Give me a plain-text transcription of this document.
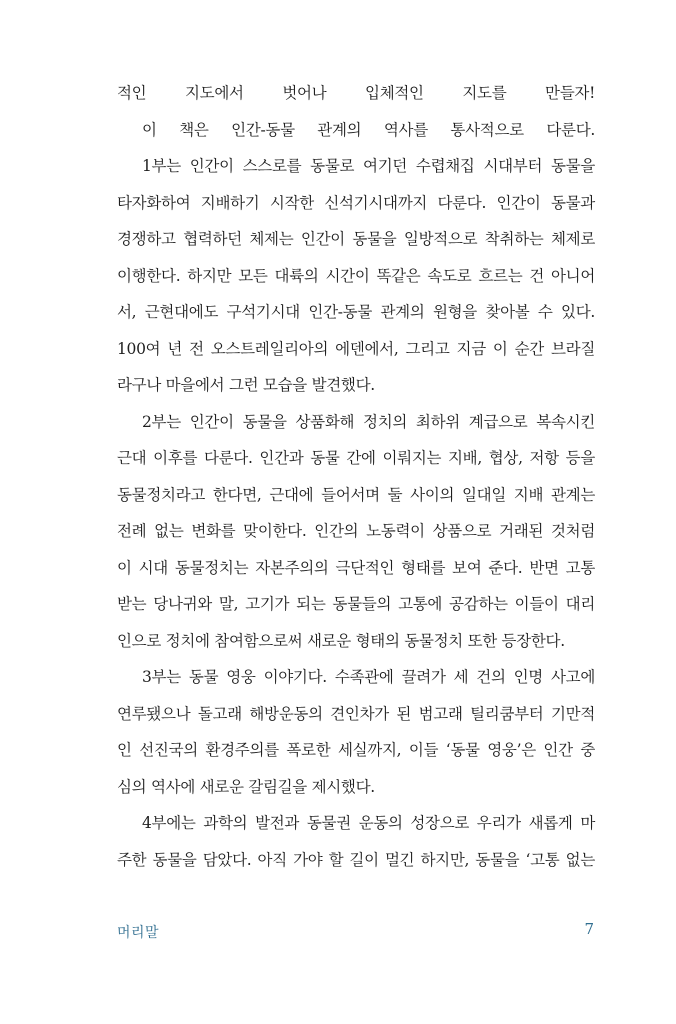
적인 지도에서 벗어나 입체적인 지도를 만들자!
이 책은 인간-동물 관계의 역사를 통사적으로 다룬다.
1부는 인간이 스스로를 동물로 여기던 수렵채집 시대부터 동물을
타자화하여 지배하기 시작한 신석기시대까지 다룬다. 인간이 동물과
경쟁하고 협력하던 체제는 인간이 동물을 일방적으로 착취하는 체제로
이행한다. 하지만 모든 대륙의 시간이 똑같은 속도로 흐르는 건 아니어
서, 근현대에도 구석기시대 인간-동물 관계의 원형을 찾아볼 수 있다.
100여 년 전 오스트레일리아의 에덴에서, 그리고 지금 이 순간 브라질
라구나 마을에서 그런 모습을 발견했다.
2부는 인간이 동물을 상품화해 정치의 최하위 계급으로 복속시킨
근대 이후를 다룬다. 인간과 동물 간에 이뤄지는 지배, 협상, 저항 등을
동물정치라고 한다면, 근대에 들어서며 둘 사이의 일대일 지배 관계는
전례 없는 변화를 맞이한다. 인간의 노동력이 상품으로 거래된 것처럼
이 시대 동물정치는 자본주의의 극단적인 형태를 보여 준다. 반면 고통
받는 당나귀와 말, 고기가 되는 동물들의 고통에 공감하는 이들이 대리
인으로 정치에 참여함으로써 새로운 형태의 동물정치 또한 등장한다.
3부는 동물 영웅 이야기다. 수족관에 끌려가 세 건의 인명 사고에
연루됐으나 돌고래 해방운동의 견인차가 된 범고래 틸리쿰부터 기만적
인 선진국의 환경주의를 폭로한 세실까지, 이들 ‘동물 영웅’은 인간 중
심의 역사에 새로운 갈림길을 제시했다.
4부에는 과학의 발전과 동물권 운동의 성장으로 우리가 새롭게 마
주한 동물을 담았다. 아직 가야 할 길이 멀긴 하지만, 동물을 ‘고통 없는
머리말	7
